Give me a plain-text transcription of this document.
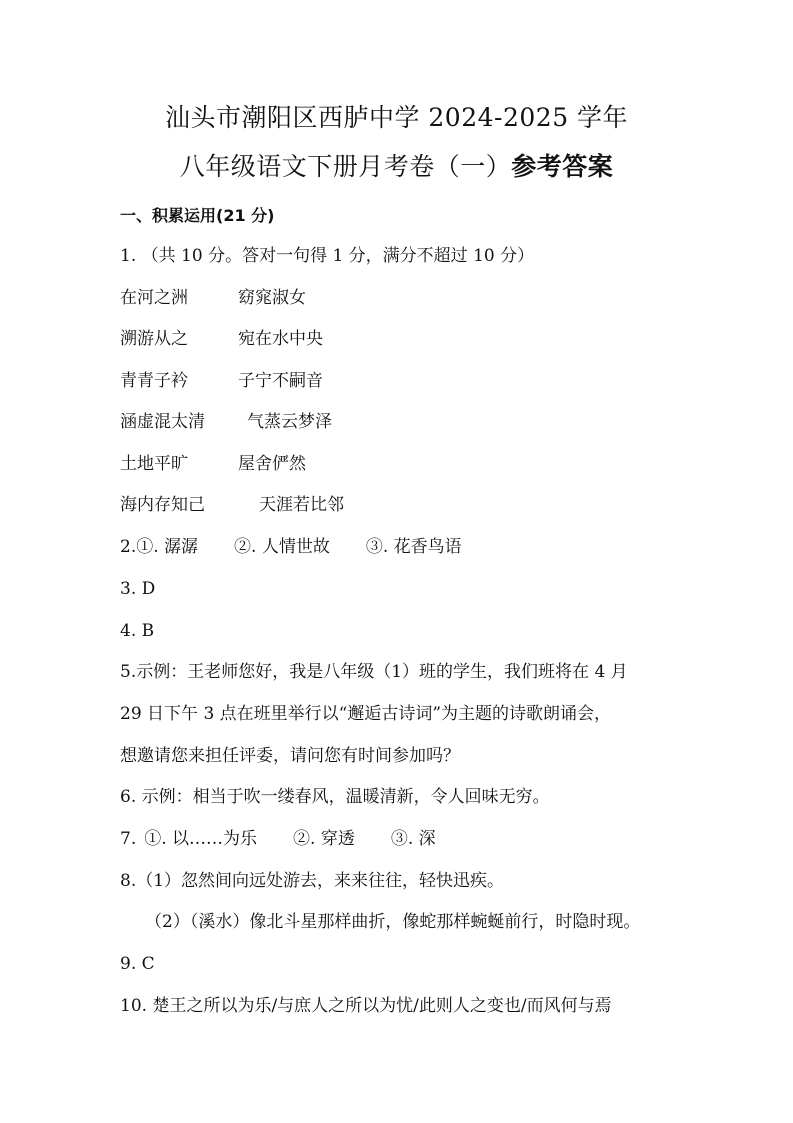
汕头市潮阳区西胪中学 2024-2025 学年
八年级语文下册月考卷（一）参考答案
一、积累运用(21 分)
1. （共 10 分。答对一句得 1 分，满分不超过 10 分）
在河之洲	窈窕淑女
溯游从之	宛在水中央
青青子衿	子宁不嗣音
涵虚混太清 气蒸云梦泽
土地平旷	屋舍俨然
海内存知己	天涯若比邻
2.①. 潺潺 ②. 人情世故 ③. 花香鸟语
3. D
4. B
5.示例：王老师您好，我是八年级（1）班的学生，我们班将在 4 月
29 日下午 3 点在班里举行以“邂逅古诗词”为主题的诗歌朗诵会，
想邀请您来担任评委，请问您有时间参加吗？
6. 示例：相当于吹一缕春风，温暖清新，令人回味无穷。
7. ①. 以……为乐 ②. 穿透 ③. 深
8.（1）忽然间向远处游去，来来往往，轻快迅疾。
（2）（溪水）像北斗星那样曲折，像蛇那样蜿蜒前行，时隐时现。
9. C
10. 楚王之所以为乐/与庶人之所以为忧/此则人之变也/而风何与焉
